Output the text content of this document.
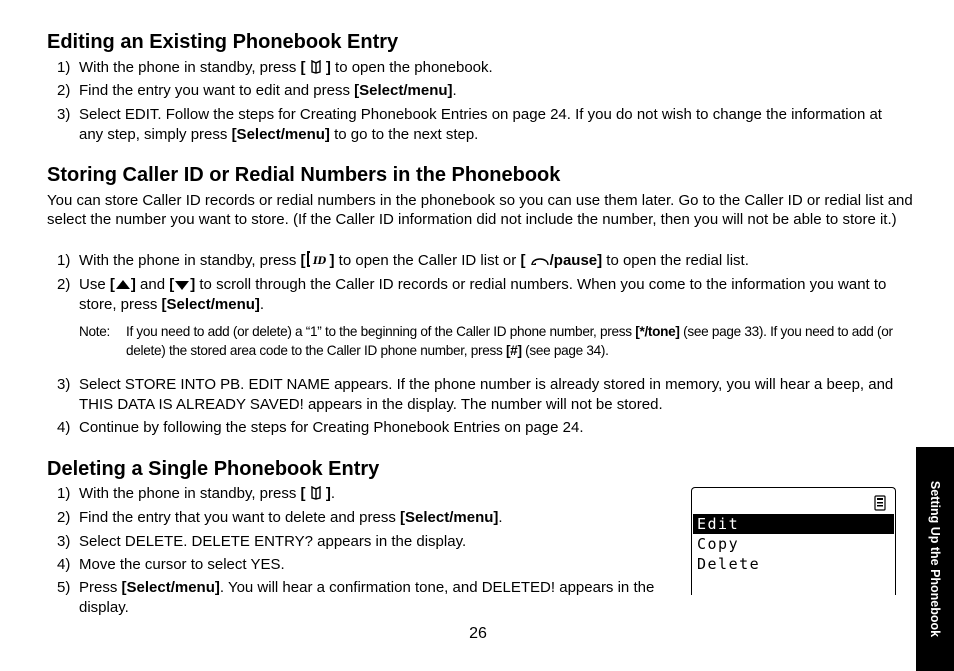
Editing an Existing Phonebook Entry

1) With the phone in standby, press [  ] to open the phonebook.

2) Find the entry you want to edit and press [Select/menu].

3) Select EDIT. Follow the steps for Creating Phonebook Entries on page 24. If you do not wish to change the information at any step, simply press [Select/menu] to go to the next step.

Storing Caller ID or Redial Numbers in the Phonebook

You can store Caller ID records or redial numbers in the phonebook so you can use them later. Go to the Caller ID or redial list and select the number you want to store. (If the Caller ID information did not include the number, then you will not be able to store it.)

1) With the phone in standby, press [ ID ] to open the Caller ID list or [ /pause] to open the redial list.

2) Use [ ] and [ ] to scroll through the Caller ID records or redial numbers. When you come to the information you want to store, press [Select/menu].

Note: If you need to add (or delete) a “1” to the beginning of the Caller ID phone number, press [*/tone] (see page 33). If you need to add (or delete) the stored area code to the Caller ID phone number, press [#] (see page 34).

3) Select STORE INTO PB. EDIT NAME appears. If the phone number is already stored in memory, you will hear a beep, and THIS DATA IS ALREADY SAVED! appears in the display. The number will not be stored.

4) Continue by following the steps for Creating Phonebook Entries on page 24.

Deleting a Single Phonebook Entry

1) With the phone in standby, press [  ].

2) Find the entry that you want to delete and press [Select/menu].

3) Select DELETE. DELETE ENTRY? appears in the display.

4) Move the cursor to select YES.

5) Press [Select/menu]. You will hear a confirmation tone, and DELETED! appears in the display.

Edit
Copy
Delete
26	Setting Up the Phonebook
